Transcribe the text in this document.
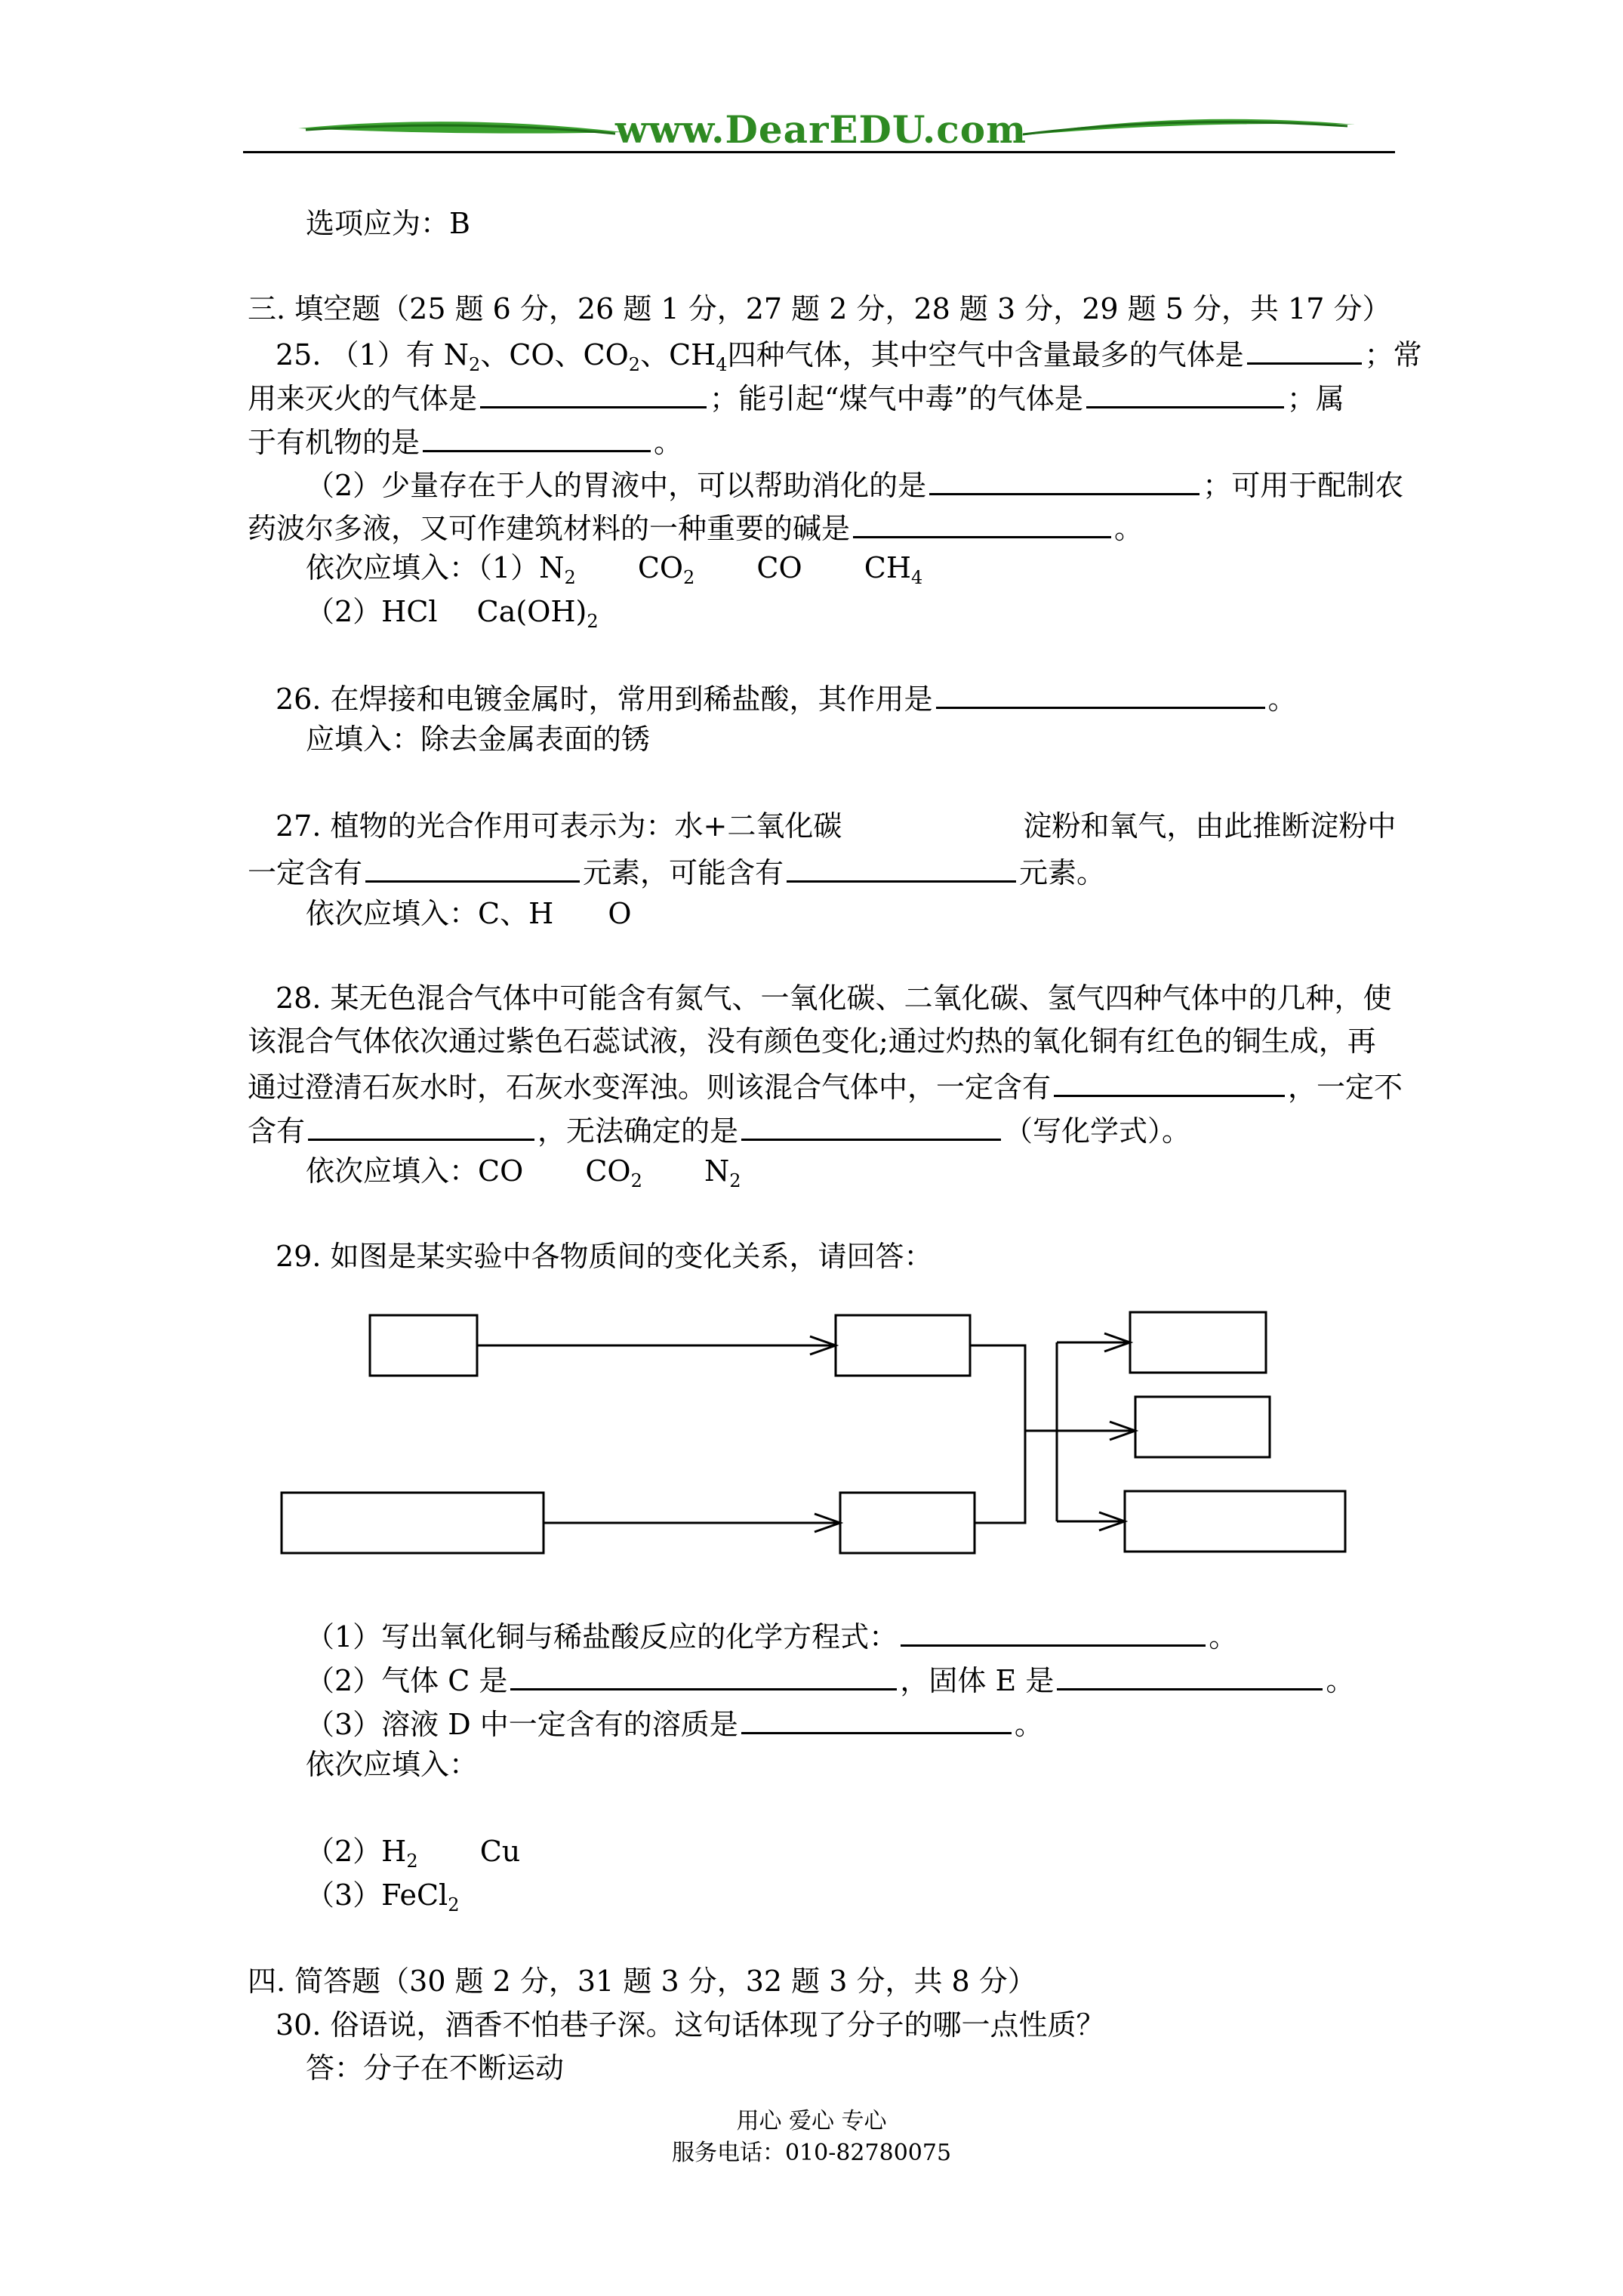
www.DearEDU.com
选项应为：B
三. 填空题（25 题 6 分，26 题 1 分，27 题 2 分，28 题 3 分，29 题 5 分，共 17 分）
25. （1）有 $N_2$、CO、$CO_2$、$CH_4$四种气体，其中空气中含量最多的气体是	；常
用来灭火的气体是	；能引起“煤气中毒”的气体是	；属
于有机物的是	。
（2）少量存在于人的胃液中，可以帮助消化的是	；可用于配制农
药波尔多液，又可作建筑材料的一种重要的碱是	。
依次应填入：$(1)N_2$ $CO_2$ CO $CH_4$
（2）HCl $Ca(OH)_2$
26. 在焊接和电镀金属时，常用到稀盐酸，其作用是	。
应填入：除去金属表面的锈
27. 植物的光合作用可表示为：水+二氧化碳	淀粉和氧气，由此推断淀粉中
一定含有	元素，可能含有	元素。
依次应填入：C、H O
28. 某无色混合气体中可能含有氮气、一氧化碳、二氧化碳、氢气四种气体中的几种，使
该混合气体依次通过紫色石蕊试液，没有颜色变化;通过灼热的氧化铜有红色的铜生成，再
通过澄清石灰水时，石灰水变浑浊。则该混合气体中，一定含有	，一定不
含有	，无法确定的是	（写化学式）。
依次应填入：CO $CO_2$ $N_2$
29. 如图是某实验中各物质间的变化关系，请回答：
（1）写出氧化铜与稀盐酸反应的化学方程式：	。
（2）气体 C 是	，固体 E 是	。
（3）溶液 D 中一定含有的溶质是	。
依次应填入：
$(2)H_2$ Cu
（3）FeCl$_2$
四. 简答题（30 题 2 分，31 题 3 分，32 题 3 分，共 8 分）
30. 俗语说，酒香不怕巷子深。这句话体现了分子的哪一点性质？
答：分子在不断运动
用心 爱心 专心
服务电话：010-82780075
